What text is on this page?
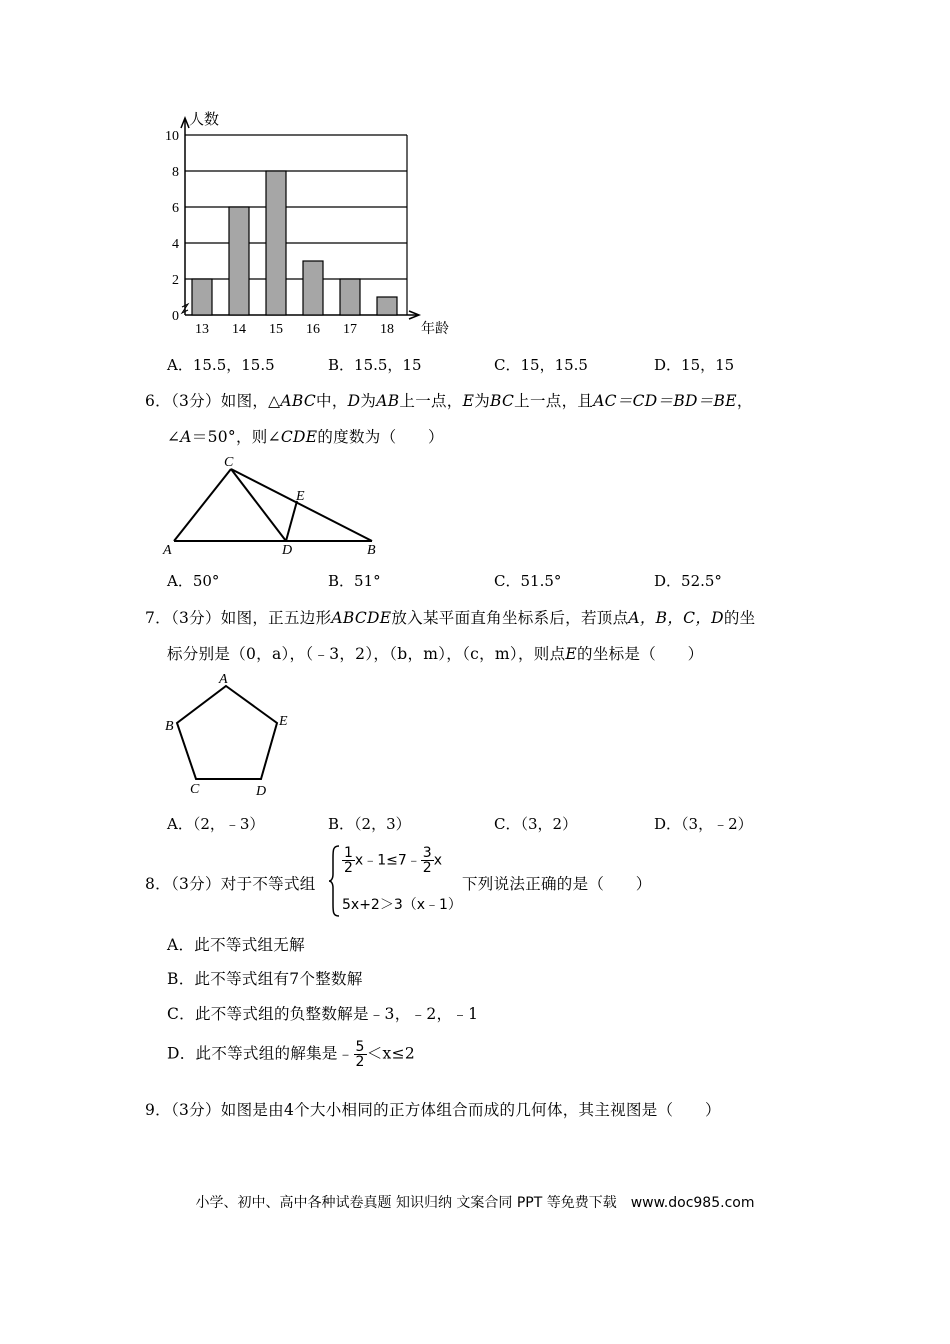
0
2
4
6
8
10
人数
年龄
13 14 15 16 17 18
A．15.5，15.5	B．15.5，15	C．15，15.5	D．15，15
6．（3分）如图，△ABC中，D为AB上一点，E为BC上一点，且AC＝CD＝BD＝BE，
∠A＝50°，则∠CDE的度数为（　　）
C
A	D	B
E
A．50°	B．51°	C．51.5°	D．52.5°
7．（3分）如图，正五边形ABCDE放入某平面直角坐标系后，若顶点A，B，C，D的坐
标分别是（0，a），（﹣3，2），（b，m），（c，m），则点E的坐标是（　　）
A
B	E
C	D
A．（2，﹣3）	B．（2，3）	C．（3，2）	D．（3，﹣2）
8．（3分）对于不等式组
$\frac{1}{2}$ x﹣1≤7﹣ $\frac{3}{2}$ x
5x+2＞3（x﹣1）
下列说法正确的是（　　）
A．此不等式组无解
B．此不等式组有7个整数解
C．此不等式组的负整数解是﹣3，﹣2，﹣1
D．此不等式组的解集是﹣ $\frac{5}{2} <x\le 2$
9．（3分）如图是由4个大小相同的正方体组合而成的几何体，其主视图是（　　）
小学、初中、高中各种试卷真题 知识归纳 文案合同 PPT 等免费下载　www.doc985.com
